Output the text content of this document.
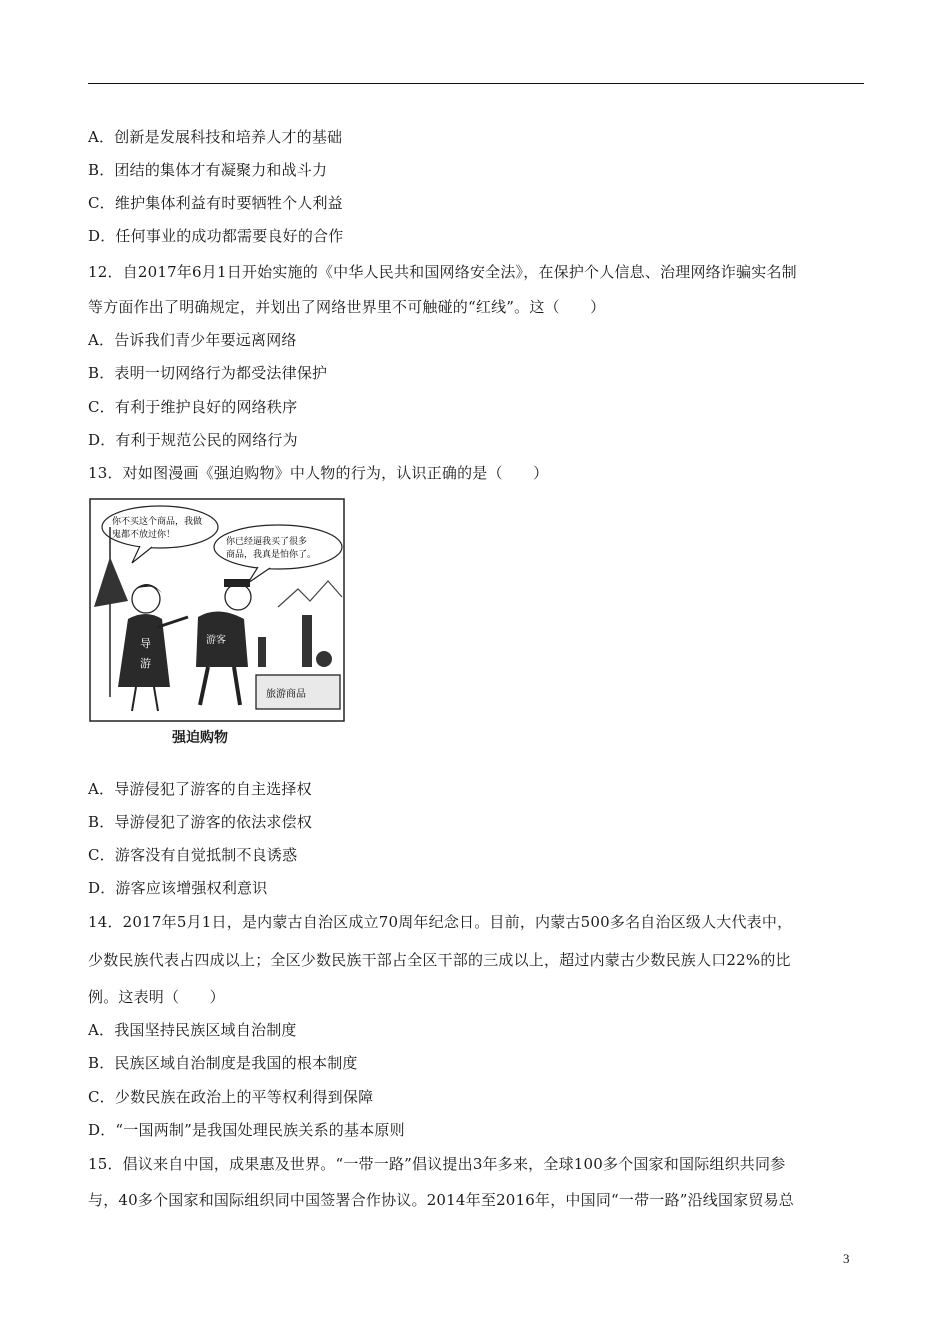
A．创新是发展科技和培养人才的基础
B．团结的集体才有凝聚力和战斗力
C．维护集体利益有时要牺牲个人利益
D．任何事业的成功都需要良好的合作
12．自2017年6月1日开始实施的《中华人民共和国网络安全法》，在保护个人信息、治理网络诈骗实名制
等方面作出了明确规定，并划出了网络世界里不可触碰的“红线”。这（　　）
A．告诉我们青少年要远离网络
B．表明一切网络行为都受法律保护
C．有利于维护良好的网络秩序
D．有利于规范公民的网络行为
13．对如图漫画《强迫购物》中人物的行为，认识正确的是（　　）
你不买这个商品，我做
鬼都不放过你！
你已经逼我买了很多
商品，我真是怕你了。
导
游
游客
旅游商品
强迫购物
A．导游侵犯了游客的自主选择权
B．导游侵犯了游客的依法求偿权
C．游客没有自觉抵制不良诱惑
D．游客应该增强权利意识
14．2017年5月1日，是内蒙古自治区成立70周年纪念日。目前，内蒙古500多名自治区级人大代表中，
少数民族代表占四成以上；全区少数民族干部占全区干部的三成以上，超过内蒙古少数民族人口22%的比
例。这表明（　　）
A．我国坚持民族区域自治制度
B．民族区域自治制度是我国的根本制度
C．少数民族在政治上的平等权利得到保障
D．“一国两制”是我国处理民族关系的基本原则
15．倡议来自中国，成果惠及世界。“一带一路”倡议提出3年多来，全球100多个国家和国际组织共同参
与，40多个国家和国际组织同中国签署合作协议。2014年至2016年，中国同“一带一路”沿线国家贸易总
3
